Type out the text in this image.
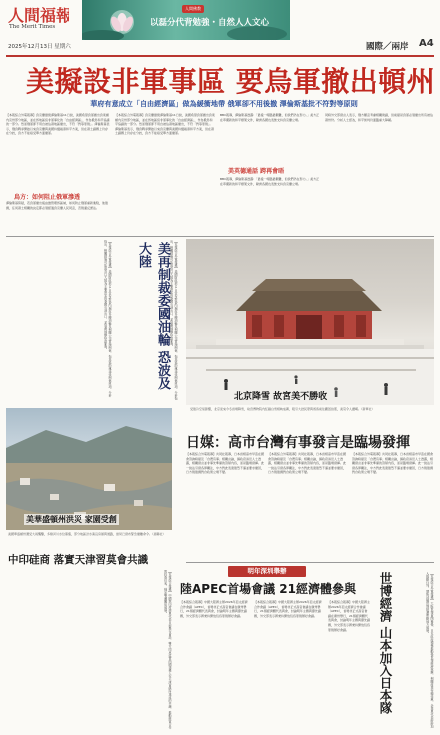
人間福報
The Merit Times
2025年12月13日 星期六
人間佛教
以磊分代背勉強・自然人人文心
國際／兩岸 A4
美擬設非軍事區 要烏軍撤出頓州
華府有意成立「自由經濟區」做為緩衝地帶 俄軍卻不用後撤 澤倫斯基批不符對等原則
【本報綜合外電報導】烏克蘭總統澤倫斯基11日說，美國希望烏軍撤出烏東頓內克州部分地區，並在該地區設非軍事化的「自由經濟區」，作為俄烏和平協議的一部分。然而俄軍卻不用自被佔領地區撤出，不符「對等原則」。澤倫斯基表示，俄烏戰爭開始以來烏克蘭與美國持續磋商和平方案，但在領土議題上仍存在分歧，烏方不能接受單方面撤軍。
烏方：如何阻止俄軍滲透
澤倫斯基質疑，若烏軍撤出後由誰管理該區域，如何防止俄軍重新進駐，他強調，任何領土相關的決定都必須經過烏克蘭人民同意，否則違反憲法。
【本報綜合外電報導】烏克蘭總統澤倫斯基11日說，美國希望烏軍撤出烏東頓內克州部分地區，並在該地區設非軍事化的「自由經濟區」，作為俄烏和平協議的一部分。然而俄軍卻不用自被佔領地區撤出，不符「對等原則」。澤倫斯基表示，俄烏戰爭開始以來烏克蘭與美國持續磋商和平方案，但在領土議題上仍存在分歧，烏方不能接受單方面撤軍。
BBC報導，澤倫斯基透露：「最後一哩路最艱難，但我們仍在努力。」美方正在草擬新的和平框架文件，歐洲各國也表態支持烏克蘭立場。
美英德通話 跨再會晤
BBC報導，澤倫斯基透露：「最後一哩路最艱難，但我們仍在努力。」美方正在草擬新的和平框架文件，歐洲各國也表態支持烏克蘭立場。
同時外交部發言人表示，俄方願意考慮相關建議，但前提是烏軍必須撤出所有被佔領州份。分析人士認為，和平談判仍面臨重大障礙。
【本報綜合外電報導】美國財政部11日宣布對委內瑞拉多艘油輪及相關公司實施制裁，指其協助運送受制裁原油。分析指出，相關措施可能波及以大陸為主要買家的委國石油出口，並加劇地緣政治緊張。	美再制裁委國油輪 恐波及大陸	【本報綜合外電報導】美國財政部11日宣布對委內瑞拉多艘油輪及相關公司實施制裁，指其協助運送受制裁原油。分析指出，相關措施可能波及以大陸為主要買家的委國石油出口，並加劇地緣政治緊張。
北京降雪 故宮美不勝收
受強冷空氣影響，北京迎來今冬首場降雪，故宮博物院內紅牆白雪相映成趣，吸引大批民眾與遊客前往觀賞拍照，美景令人讚嘆。（新華社）
美華盛頓州洪災 家園受創
美國華盛頓州遭受大雨襲擊，多條河川水位暴漲，部分地區洪水淹沒房屋與道路，當局已發布緊急撤離命令。（美聯社）
日媒：高市台灣有事發言是臨場發揮
【本報綜合外電報導】共同社報導，日本首相高市早苗在國會答詢時提及「台灣有事」相關言論，據政府消息人士透露，相關發言並非事先準備的答辯內容，而是臨場發揮。此一說法引發各界關注，中方對此表達強烈不滿並要求撤回，日方則強調對台政策立場不變。
【本報綜合外電報導】共同社報導，日本首相高市早苗在國會答詢時提及「台灣有事」相關言論，據政府消息人士透露，相關發言並非事先準備的答辯內容，而是臨場發揮。此一說法引發各界關注，中方對此表達強烈不滿並要求撤回，日方則強調對台政策立場不變。
【本報綜合外電報導】共同社報導，日本首相高市早苗在國會答詢時提及「台灣有事」相關言論，據政府消息人士透露，相關發言並非事先準備的答辯內容，而是臨場發揮。此一說法引發各界關注，中方對此表達強烈不滿並要求撤回，日方則強調對台政策立場不變。
中印硅商 落實天津習莫會共識
【本報綜合報導】中國與印度商界代表日前舉行會談，雙方同意落實兩國領導人在天津會晤所達成的共識，推動經貿合作與投資往來，穩定雙邊關係發展。	明年深圳舉辦
陸APEC首場會議 21經濟體參與
【本報綜合報導】中國大陸將主辦2026年亞太經濟合作會議（APEC），首場非正式高官會議在廣州舉行，21個經濟體代表與會，討論明年主題與優先議題，外交部表示將秉持開放包容原則辦好會議。
【本報綜合報導】中國大陸將主辦2026年亞太經濟合作會議（APEC），首場非正式高官會議在廣州舉行，21個經濟體代表與會，討論明年主題與優先議題，外交部表示將秉持開放包容原則辦好會議。
【本報綜合報導】中國大陸將主辦2026年亞太經濟合作會議（APEC），首場非正式高官會議在廣州舉行，21個經濟體代表與會，討論明年主題與優先議題，外交部表示將秉持開放包容原則辦好會議。	世博經濟 山本加入日本隊	【本報綜合外電報導】大阪世博會閉幕後，日本政府積極推動後世博經濟效應，相關產業持續受惠，企業界代表紛紛加入推動行列，期盼延續世博熱潮帶動地方發展。
